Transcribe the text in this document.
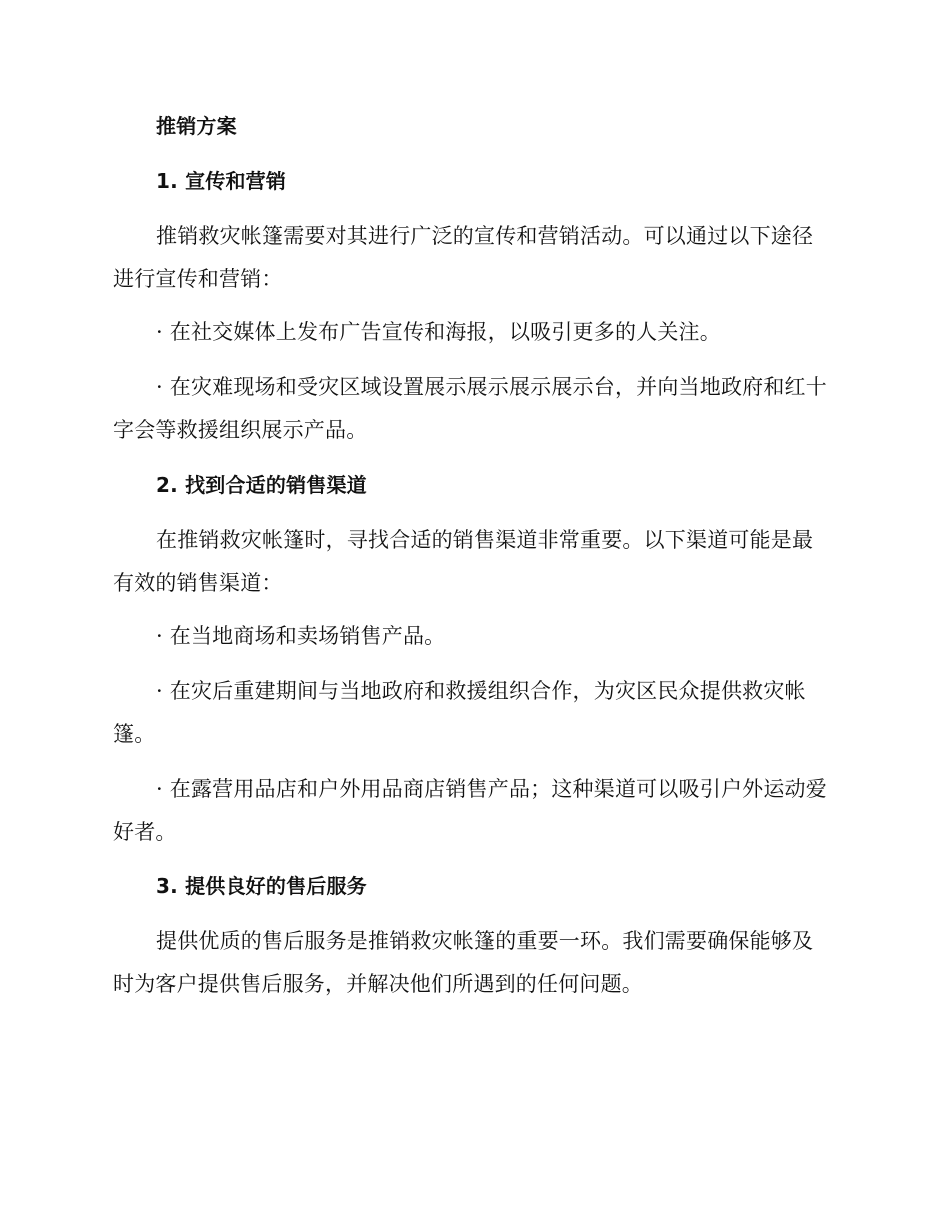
推销方案

1. 宣传和营销

推销救灾帐篷需要对其进行广泛的宣传和营销活动。可以通过以下途径进行宣传和营销：

· 在社交媒体上发布广告宣传和海报，以吸引更多的人关注。

· 在灾难现场和受灾区域设置展示展示展示展示台，并向当地政府和红十字会等救援组织展示产品。

2. 找到合适的销售渠道

在推销救灾帐篷时，寻找合适的销售渠道非常重要。以下渠道可能是最有效的销售渠道：

· 在当地商场和卖场销售产品。

· 在灾后重建期间与当地政府和救援组织合作，为灾区民众提供救灾帐篷。

· 在露营用品店和户外用品商店销售产品；这种渠道可以吸引户外运动爱好者。

3. 提供良好的售后服务

提供优质的售后服务是推销救灾帐篷的重要一环。我们需要确保能够及时为客户提供售后服务，并解决他们所遇到的任何问题。
